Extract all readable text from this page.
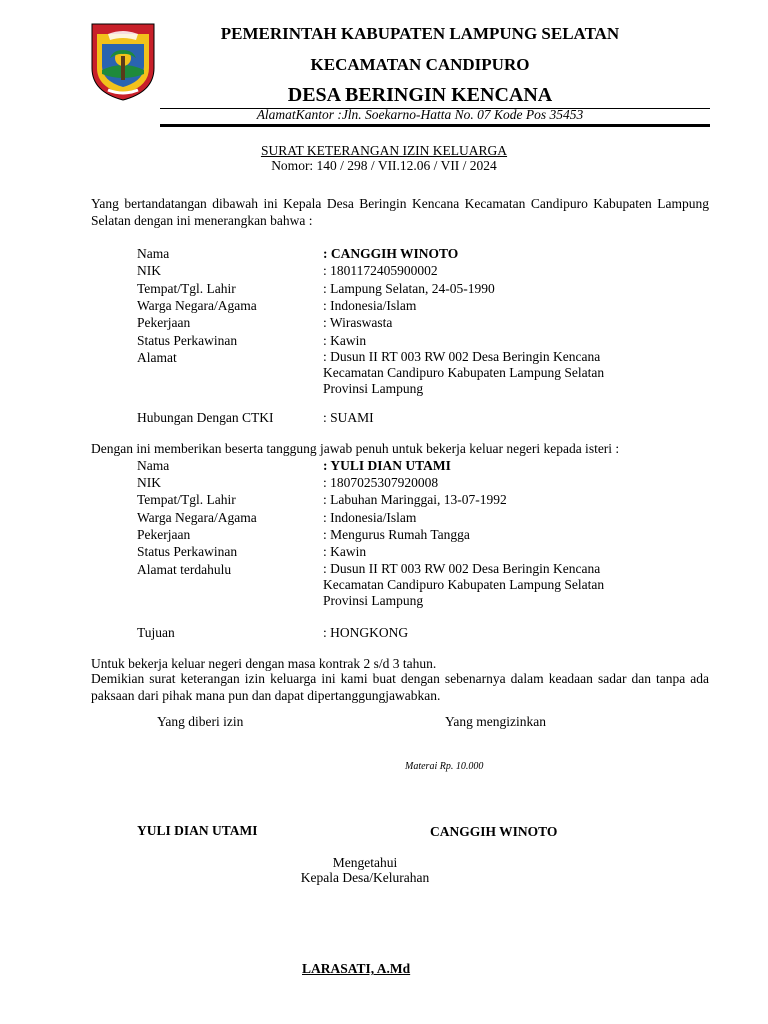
PEMERINTAH KABUPATEN LAMPUNG SELATAN
KECAMATAN CANDIPURO
DESA BERINGIN KENCANA
AlamatKantor :Jln. Soekarno-Hatta No. 07 Kode Pos 35453
SURAT KETERANGAN IZIN KELUARGA
Nomor: 140 / 298 / VII.12.06 / VII / 2024
Yang bertandatangan dibawah ini Kepala Desa Beringin Kencana Kecamatan Candipuro Kabupaten Lampung Selatan dengan ini menerangkan bahwa :
Nama	: CANGGIH WINOTO
NIK	: 1801172405900002
Tempat/Tgl. Lahir	: Lampung Selatan, 24-05-1990
Warga Negara/Agama	: Indonesia/Islam
Pekerjaan	: Wiraswasta
Status Perkawinan	: Kawin
Alamat	: Dusun II RT 003 RW 002 Desa Beringin Kencana
Kecamatan Candipuro Kabupaten Lampung Selatan
Provinsi Lampung
Hubungan Dengan CTKI	: SUAMI
Dengan ini memberikan beserta tanggung jawab penuh untuk bekerja keluar negeri kepada isteri :
Nama	: YULI DIAN UTAMI
NIK	: 1807025307920008
Tempat/Tgl. Lahir	: Labuhan Maringgai, 13-07-1992
Warga Negara/Agama	: Indonesia/Islam
Pekerjaan	: Mengurus Rumah Tangga
Status Perkawinan	: Kawin
Alamat terdahulu	: Dusun II RT 003 RW 002 Desa Beringin Kencana
Kecamatan Candipuro Kabupaten Lampung Selatan
Provinsi Lampung
Tujuan	: HONGKONG
Untuk bekerja keluar negeri dengan masa kontrak 2 s/d 3 tahun.
Demikian surat keterangan izin keluarga ini kami buat dengan sebenarnya dalam keadaan sadar dan tanpa ada paksaan dari pihak mana pun dan dapat dipertanggungjawabkan.
Yang diberi izin	Yang mengizinkan
Materai Rp. 10.000
YULI DIAN UTAMI	CANGGIH WINOTO
Mengetahui
Kepala Desa/Kelurahan
LARASATI, A.Md
